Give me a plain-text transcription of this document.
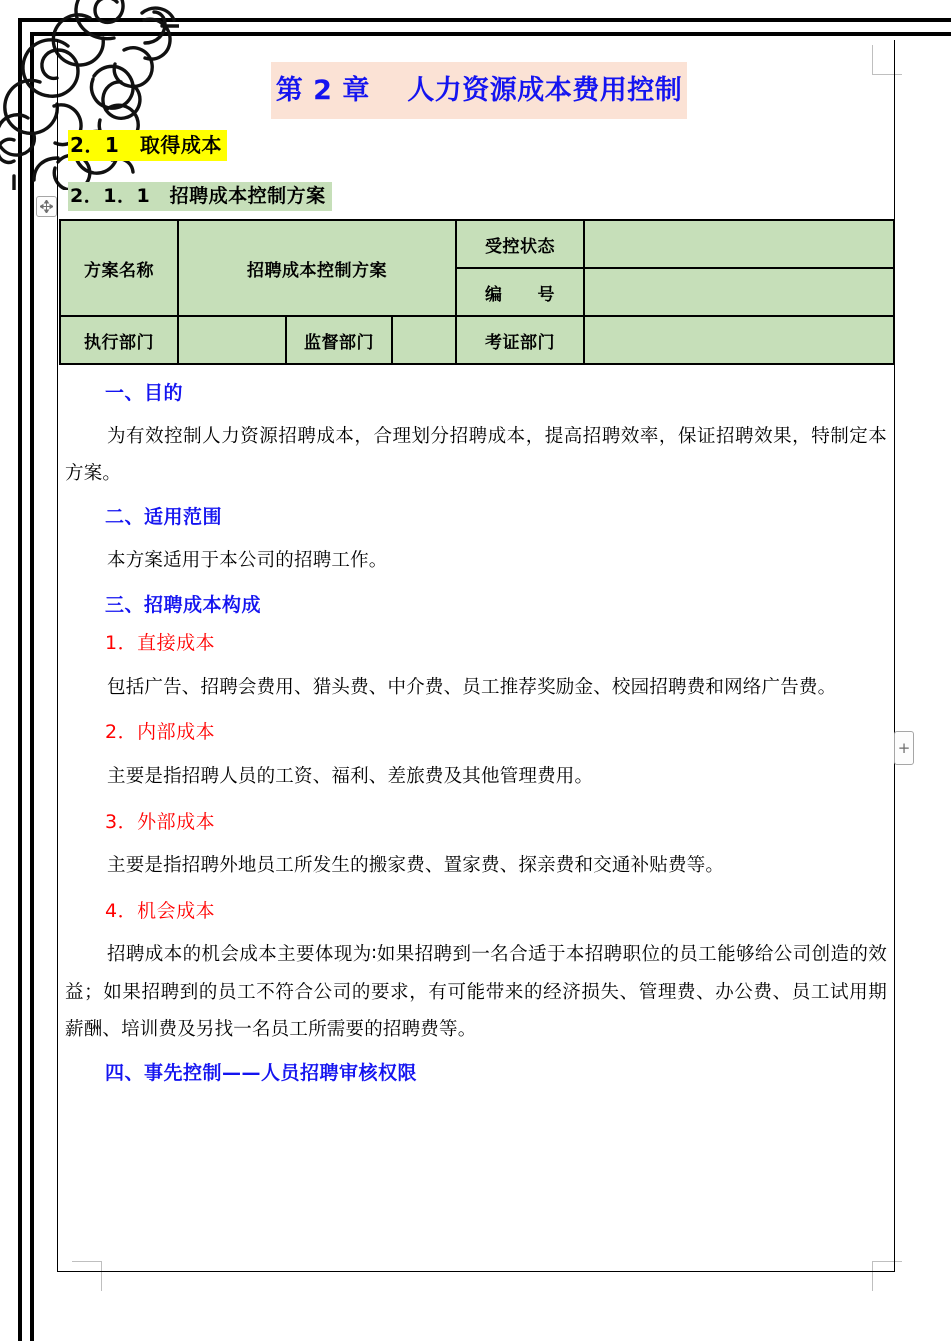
第 2 章　 人力资源成本费用控制
2．1　取得成本
2．1．1　招聘成本控制方案
方案名称	招聘成本控制方案			受控状态	
				编　　号	
执行部门		监督部门		考证部门	

一、目的

为有效控制人力资源招聘成本，合理划分招聘成本，提高招聘效率，保证招聘效果，特制定本方案。

二、适用范围

本方案适用于本公司的招聘工作。

三、招聘成本构成

1．直接成本

包括广告、招聘会费用、猎头费、中介费、员工推荐奖励金、校园招聘费和网络广告费。

2．内部成本

主要是指招聘人员的工资、福利、差旅费及其他管理费用。

3．外部成本

主要是指招聘外地员工所发生的搬家费、置家费、探亲费和交通补贴费等。

4．机会成本

招聘成本的机会成本主要体现为∶如果招聘到一名合适于本招聘职位的员工能够给公司创造的效益；如果招聘到的员工不符合公司的要求，有可能带来的经济损失、管理费、办公费、员工试用期薪酬、培训费及另找一名员工所需要的招聘费等。

四、事先控制——人员招聘审核权限

+
